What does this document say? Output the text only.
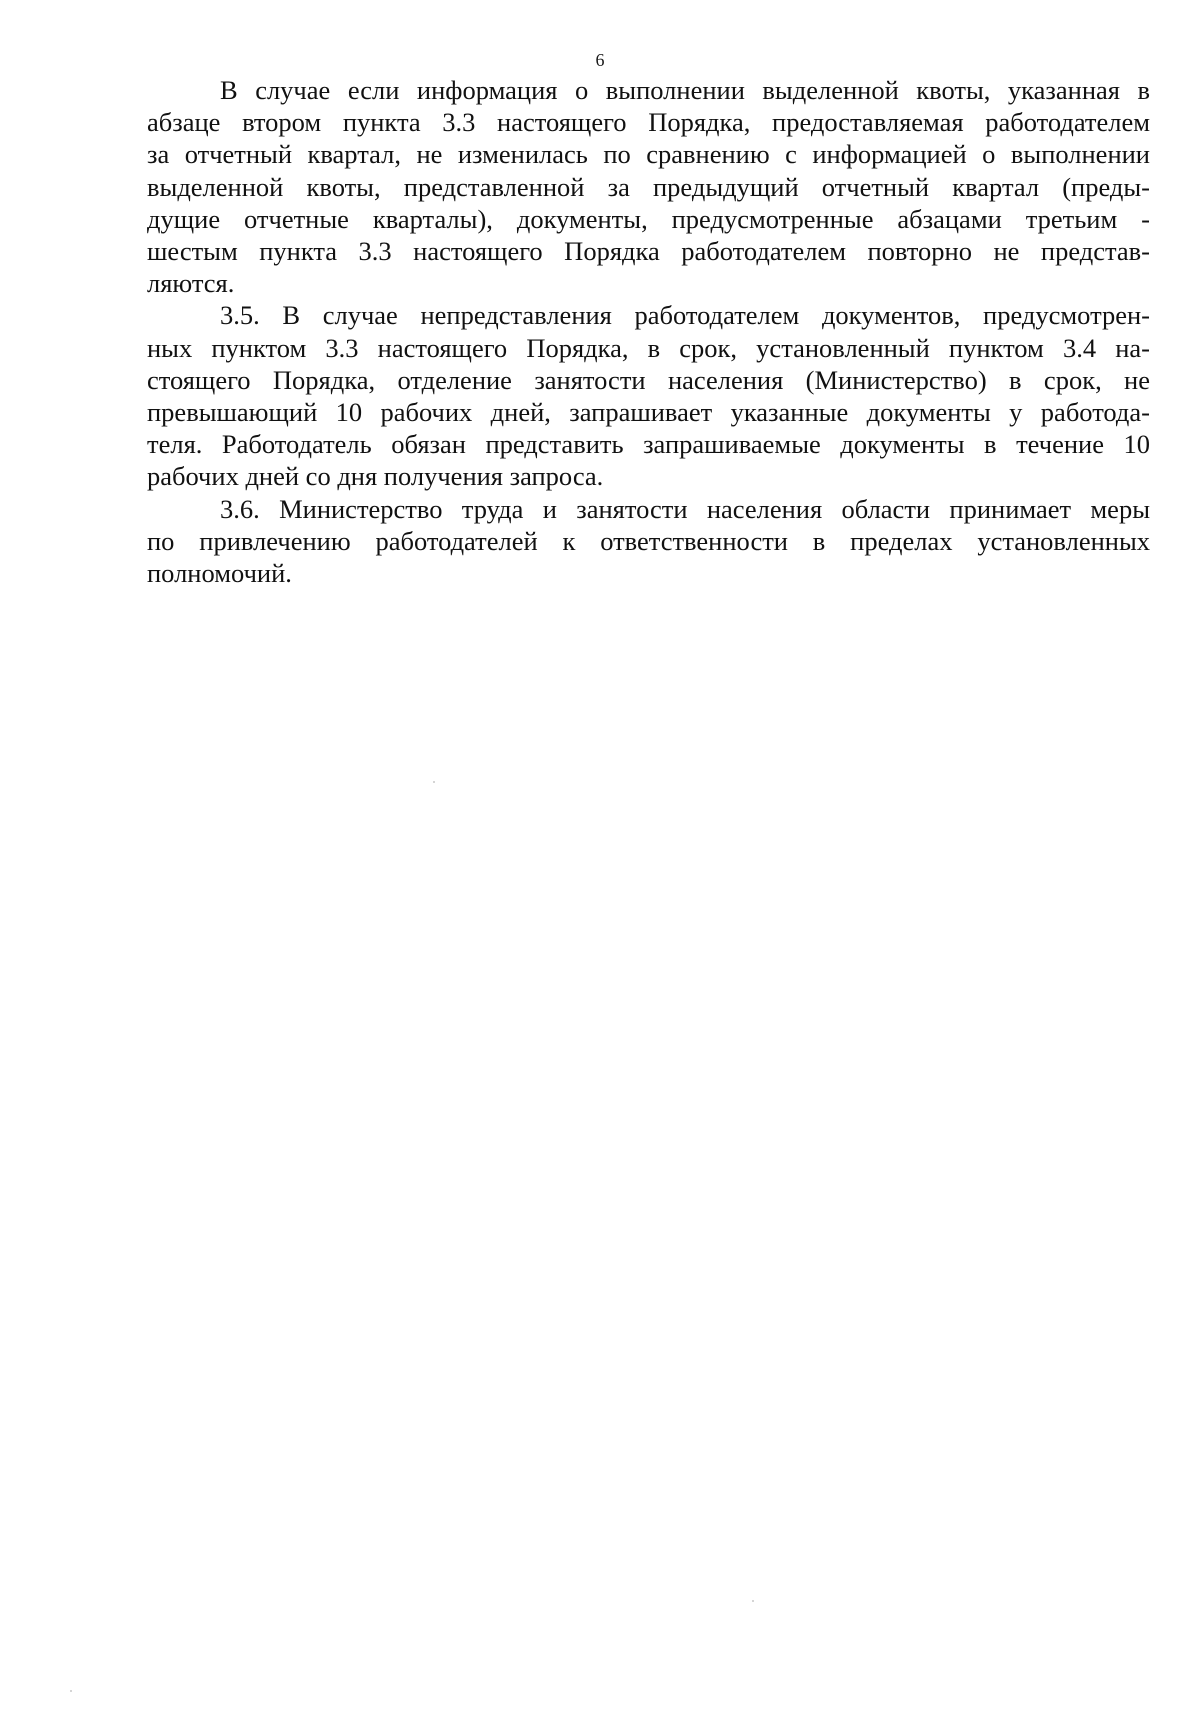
6

В случае если информация о выполнении выделенной квоты, указанная в
абзаце втором пункта 3.3 настоящего Порядка, предоставляемая работодателем
за отчетный квартал, не изменилась по сравнению с информацией о выполнении
выделенной квоты, представленной за предыдущий отчетный квартал (преды-
дущие отчетные кварталы), документы, предусмотренные абзацами третьим -
шестым пункта 3.3 настоящего Порядка работодателем повторно не представ-
ляются.

3.5. В случае непредставления работодателем документов, предусмотрен-
ных пунктом 3.3 настоящего Порядка, в срок, установленный пунктом 3.4 на-
стоящего Порядка, отделение занятости населения (Министерство) в срок, не
превышающий 10 рабочих дней, запрашивает указанные документы у работода-
теля. Работодатель обязан представить запрашиваемые документы в течение 10
рабочих дней со дня получения запроса.

3.6. Министерство труда и занятости населения области принимает меры
по привлечению работодателей к ответственности в пределах установленных
полномочий.
